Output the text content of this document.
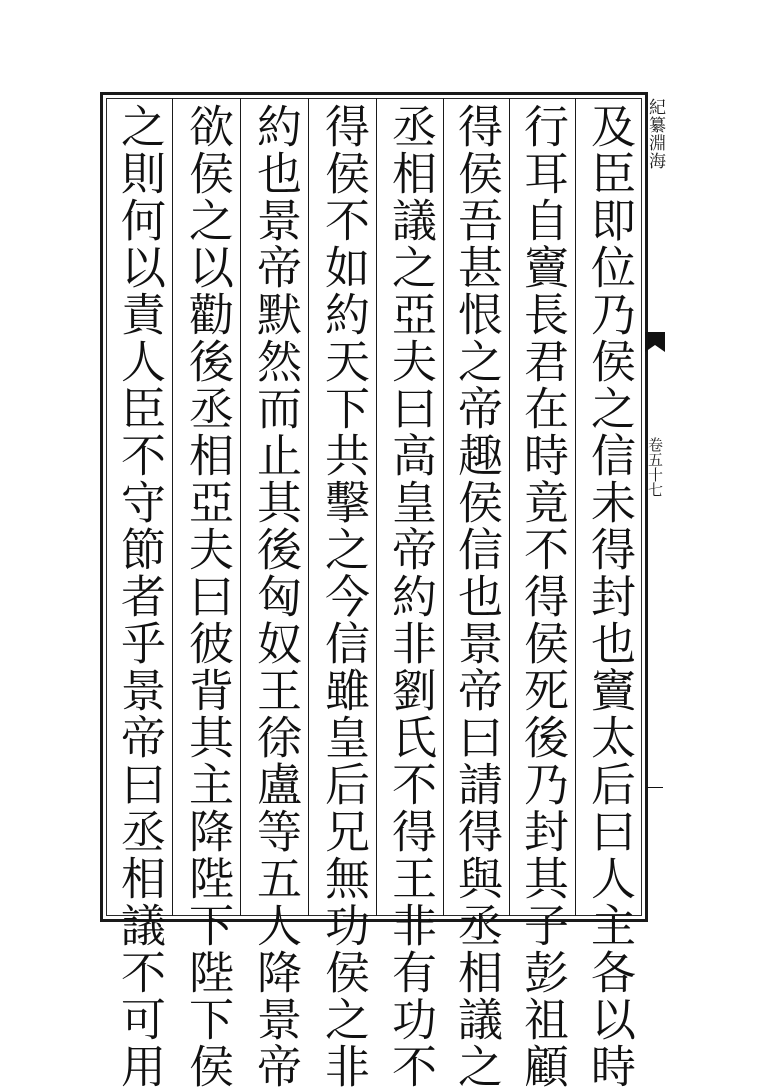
及臣即位乃侯之信未得封也竇太后曰人主各以時
行耳自竇長君在時竟不得侯死後乃封其子彭祖顧
得侯吾甚恨之帝趣侯信也景帝曰請得與丞相議之
丞相議之亞夫曰高皇帝約非劉氏不得王非有功不
得侯不如約天下共擊之今信雖皇后兄無功侯之非
約也景帝默然而止其後匈奴王徐盧等五人降景帝
欲侯之以勸後丞相亞夫曰彼背其主降陛下陛下侯
之則何以責人臣不守節者乎景帝曰丞相議不可用	紀纂淵海
卷五十七
